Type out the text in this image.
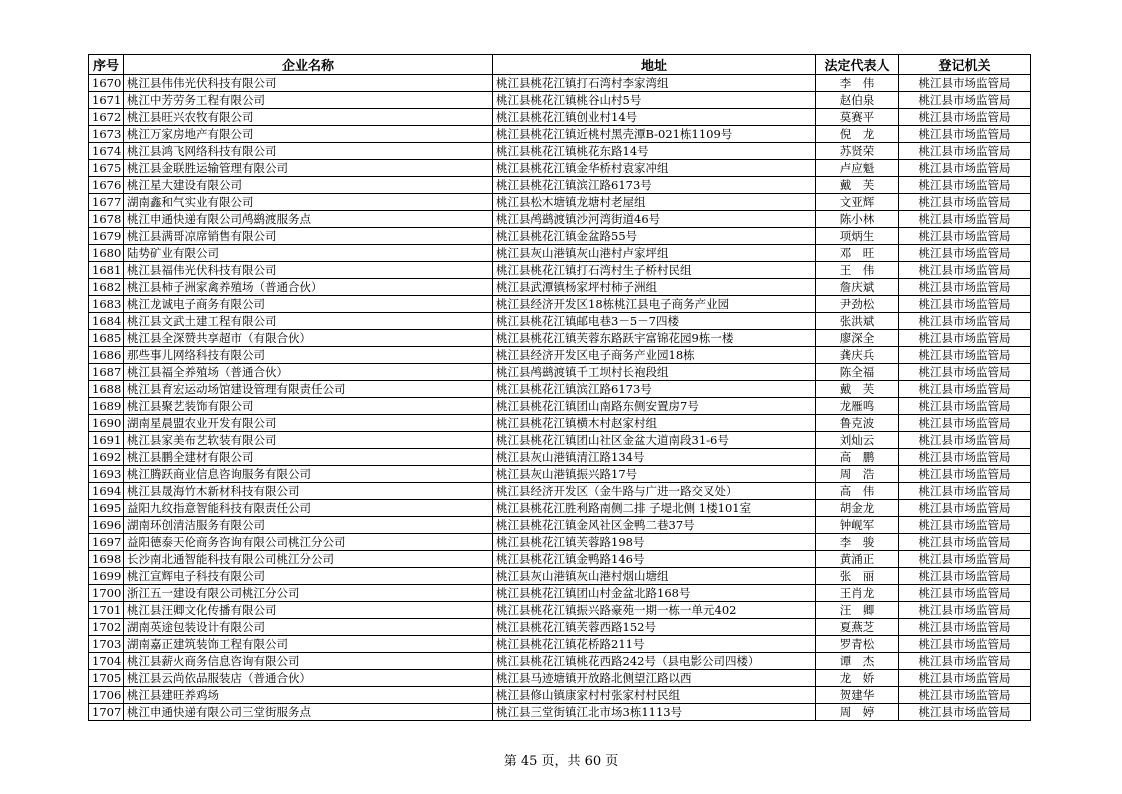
序号	企业名称	地址	法定代表人	登记机关
1670	桃江县伟伟光伏科技有限公司	桃江县桃花江镇打石湾村李家湾组	李　伟	桃江县市场监管局
1671	桃江中芳劳务工程有限公司	桃江县桃花江镇桃谷山村5号	赵伯泉	桃江县市场监管局
1672	桃江县旺兴农牧有限公司	桃江县桃花江镇创业村14号	莫赛平	桃江县市场监管局
1673	桃江万家房地产有限公司	桃江县桃花江镇近桃村黑壳潭B-021栋1109号	倪　龙	桃江县市场监管局
1674	桃江县鸿飞网络科技有限公司	桃江县桃花江镇桃花东路14号	苏贤荣	桃江县市场监管局
1675	桃江县金联胜运输管理有限公司	桃江县桃花江镇金华桥村袁家冲组	卢应魁	桃江县市场监管局
1676	桃江星大建设有限公司	桃江县桃花江镇滨江路6173号	戴　芙	桃江县市场监管局
1677	湖南鑫和气实业有限公司	桃江县松木塘镇龙塘村老屋组	文亚辉	桃江县市场监管局
1678	桃江申通快递有限公司鸬鹚渡服务点	桃江县鸬鹚渡镇沙河湾街道46号	陈小林	桃江县市场监管局
1679	桃江县满哥凉席销售有限公司	桃江县桃花江镇金盆路55号	项炳生	桃江县市场监管局
1680	陆势矿业有限公司	桃江县灰山港镇灰山港村卢家坪组	邓　旺	桃江县市场监管局
1681	桃江县福伟光伏科技有限公司	桃江县桃花江镇打石湾村生子桥村民组	王　伟	桃江县市场监管局
1682	桃江县柿子洲家禽养殖场（普通合伙）	桃江县武潭镇杨家坪村柿子洲组	詹庆斌	桃江县市场监管局
1683	桃江龙诚电子商务有限公司	桃江县经济开发区18栋桃江县电子商务产业园	尹劲松	桃江县市场监管局
1684	桃江县文武土建工程有限公司	桃江县桃花江镇邮电巷3－5－7四楼	张洪斌	桃江县市场监管局
1685	桃江县全深赞共享超市（有限合伙）	桃江县桃花江镇芙蓉东路跃宇富锦花园9栋一楼	廖深全	桃江县市场监管局
1686	那些事儿网络科技有限公司	桃江县经济开发区电子商务产业园18栋	龚庆兵	桃江县市场监管局
1687	桃江县福全养殖场（普通合伙）	桃江县鸬鹚渡镇千工坝村长袍段组	陈全福	桃江县市场监管局
1688	桃江县育宏运动场馆建设管理有限责任公司	桃江县桃花江镇滨江路6173号	戴　芙	桃江县市场监管局
1689	桃江县聚艺装饰有限公司	桃江县桃花江镇团山南路东侧安置房7号	龙雁鸣	桃江县市场监管局
1690	湖南星晨盟农业开发有限公司	桃江县桃花江镇横木村赵家村组	鲁克波	桃江县市场监管局
1691	桃江县家美布艺软装有限公司	桃江县桃花江镇团山社区金盆大道南段31-6号	刘灿云	桃江县市场监管局
1692	桃江县鹏全建材有限公司	桃江县灰山港镇清江路134号	高　鹏	桃江县市场监管局
1693	桃江腾跃商业信息咨询服务有限公司	桃江县灰山港镇振兴路17号	周　浩	桃江县市场监管局
1694	桃江县晟海竹木新材科技有限公司	桃江县经济开发区（金牛路与广进一路交叉处）	高　伟	桃江县市场监管局
1695	益阳九纹指意智能科技有限责任公司	桃江县桃花江胜利路南侧二排 子堤北侧 1楼101室	胡金龙	桃江县市场监管局
1696	湖南环创清洁服务有限公司	桃江县桃花江镇金风社区金鸭二巷37号	钟岘军	桃江县市场监管局
1697	益阳德泰天伦商务咨询有限公司桃江分公司	桃江县桃花江镇芙蓉路198号	李　骏	桃江县市场监管局
1698	长沙南北通智能科技有限公司桃江分公司	桃江县桃花江镇金鸭路146号	黄涌正	桃江县市场监管局
1699	桃江宣辉电子科技有限公司	桃江县灰山港镇灰山港村烟山塘组	张　丽	桃江县市场监管局
1700	浙江五一建设有限公司桃江分公司	桃江县桃花江镇团山村金盆北路168号	王肖龙	桃江县市场监管局
1701	桃江县汪卿文化传播有限公司	桃江县桃花江镇振兴路豪苑一期一栋一单元402	汪　卿	桃江县市场监管局
1702	湖南英途包装设计有限公司	桃江县桃花江镇芙蓉西路152号	夏燕芝	桃江县市场监管局
1703	湖南嘉正建筑装饰工程有限公司	桃江县桃花江镇花桥路211号	罗青松	桃江县市场监管局
1704	桃江县薪火商务信息咨询有限公司	桃江县桃花江镇桃花西路242号（县电影公司四楼）	谭　杰	桃江县市场监管局
1705	桃江县云尚依品服装店（普通合伙）	桃江县马迹塘镇开放路北侧望江路以西	龙　娇	桃江县市场监管局
1706	桃江县建旺养鸡场	桃江县修山镇康家村村张家村村民组	贺建华	桃江县市场监管局
1707	桃江申通快递有限公司三堂街服务点	桃江县三堂街镇江北市场3栋1113号	周　婷	桃江县市场监管局
第 45 页，共 60 页
